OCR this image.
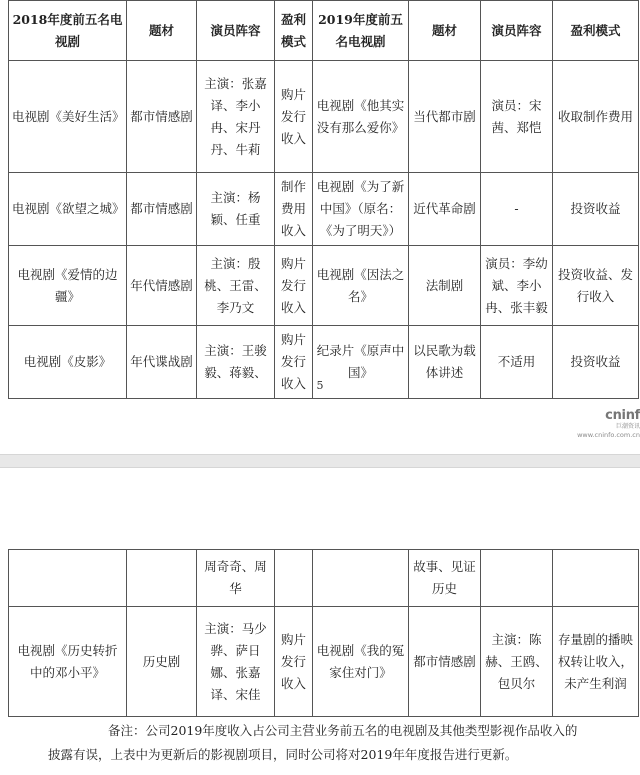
2018年度前五名电视剧	题材	演员阵容	盈利模式	2019年度前五名电视剧	题材	演员阵容	盈利模式
电视剧《美好生活》	都市情感剧	主演：张嘉译、李小冉、宋丹丹、牛莉	购片发行收入	电视剧《他其实没有那么爱你》	当代都市剧	演员：宋茜、郑恺	收取制作费用
电视剧《欲望之城》	都市情感剧	主演：杨颖、任重	制作费用收入	电视剧《为了新中国》（原名：《为了明天》）	近代革命剧	-	投资收益
电视剧《爱情的边疆》	年代情感剧	主演：殷桃、王雷、李乃文	购片发行收入	电视剧《因法之名》	法制剧	演员：李幼斌、李小冉、张丰毅	投资收益、发行收入
电视剧《皮影》	年代谍战剧	主演：王骏毅、蒋毅、	购片发行收入	纪录片《原声中国》	以民歌为载体讲述	不适用	投资收益
5
cninf
巨潮资讯
www.cninfo.com.cn
		周奇奇、周华			故事、见证历史		
电视剧《历史转折中的邓小平》	历史剧	主演：马少骅、萨日娜、张嘉译、宋佳	购片发行收入	电视剧《我的冤家住对门》	都市情感剧	主演：陈赫、王鸥、包贝尔	存量剧的播映权转让收入，未产生利润

备注：公司2019年度收入占公司主营业务前五名的电视剧及其他类型影视作品收入的

披露有误，上表中为更新后的影视剧项目，同时公司将对2019年年度报告进行更新。
